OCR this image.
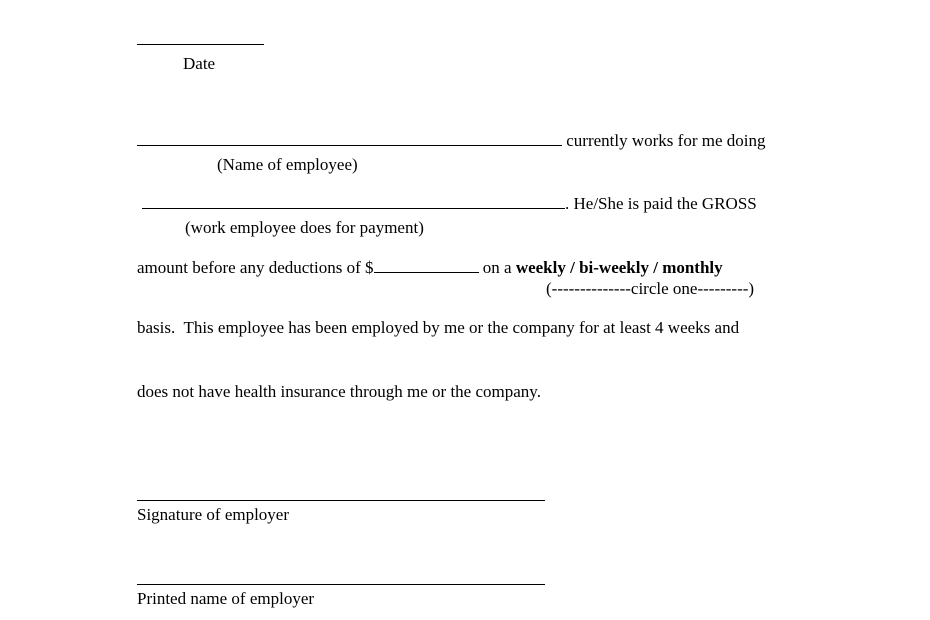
Date
currently works for me doing
(Name of employee)
. He/She is paid the GROSS
(work employee does for payment)
amount before any deductions of $	on a weekly / bi-weekly / monthly
(--------------circle one---------)
basis.  This employee has been employed by me or the company for at least 4 weeks and
does not have health insurance through me or the company.
Signature of employer
Printed name of employer
